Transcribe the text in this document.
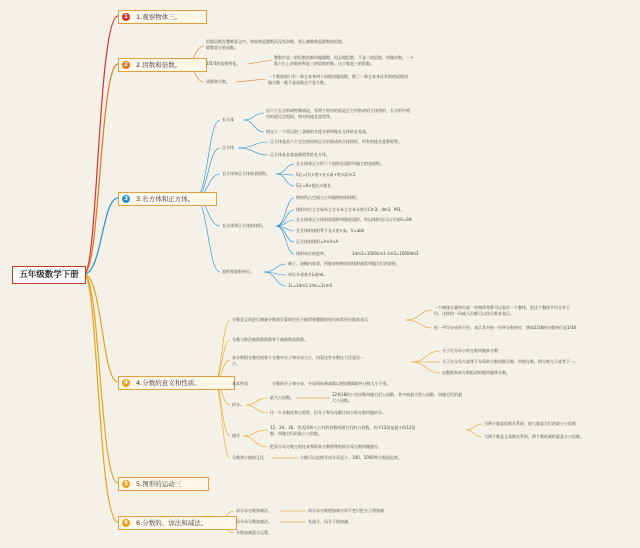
五年级数学下册
1	1.观察物体三。
2	2.因数和倍数。
3	3.长方体和正方体。
4	4.分数的意义和性质。
5	5.图形的运动三
6	6.分数的、加法和减法。
倍数因数在整除意义中，如果商是整数而没有余数，那么被除数是除数的倍数，
除数是它的因数。
2/5/3的倍数特征。
整数中是二的倍数的数叫做偶数，再去做倍数，不是二的倍数，叫做奇数。一个
数个位上的数的和是三的倍数的数，这个数是三的倍数。
质数和合数。
一个数如果只有一和它本身两个因数叫做质数，除了一和它本身还有别的因数叫
做合数一既不是质数也不是合数。
长方体
由六个长方形或特殊情况，有两个相对的面是正方形围成的立体图形，长方形中相
对的面完全相同。相对的棱长度相等。
相交于一个顶点的三条棱的长度分别叫做长方体的长宽高。
正方体
正方体是由六个完全相同的正方形围成的立体图形，所有的棱长度都相等。
正方体是长宽高都相等的长方体。
长方体和正方体的表面积。
长方体或正方形六个面的总面积叫做它的表面积。
S长=(长×宽+长×高+宽×高)×2
S正=6×棱长×棱长
长方体和正方体的体积。
物体所占空间大小叫做物体的体积。
体积单位立方厘米立方分米立方米分别写Cm3，dm3，M3。
长方体或正方体的底面积叫做底面积，所以体积也可以写成V=SH
长方体的体积等于长×宽×高。V=abh
正方体的体积=A×A×A
体积单位的进率。	1dm3=1000cm3 1m3=1000dm3
容积和容积单位。
箱子、油桶内体等，所能容纳物体的体积通常叫做它们的容积。
单位升或毫升L或mL
1L=1dm3 1mL=1cm3
分数意义再进行测量分数或计算时往往不能得到整数结果这时常用分数来表示
一个物体计量单位或一些物体等都可以看作一个整体，把这个整体平均分若干
份，这样的一份或几份都可以用分数来表示。
把一平均分成若干份，表示其中的一份叫分数单位，例如2/18的分数单位是1/18
分数与除法被除数除数等于被除数或除数。
真分数假分数比较每个分数中分子和分母大小，再看这些分数比大还是比一
小。
分子比分母小的分数叫做真分数
分子比分母大或等于分母的分数叫假分数，叫假分数，假分数大于或等于一。
由整数和真分数组成的数叫做带分数。
基本性质	分数的分子和分母，分母同时乘或除以相同数0除外分数大小不变。
约分。
最大公因数。
12和18的公有因数叫做它们公因数，其中较最大的公因数，叫做它们的最
大公因数。
比一个分数化和它相等，但分子和分母都比较小的分数叫做约分。
通分
12、24、36，等式四和八公有的倍数叫做它们的公倍数，其中12就是最小的12倍
数，叫做它们的最小公倍数。
当两个数是倍数关系时，较大数是它们的最小公倍数
当两个数是互质数关系时，两个数的乘积就是小公倍数。
把异分母分数分别化成和原来分数相等的同分母分数叫做通分。
分数和小数的互化	小数可以直接写成分母是十、100、1000等分数再化简。
同分母分数加减法。	同分母分数相加减分母不变只把分子相加减
异分母分数加减法。	先通分，再分子相加减。
分数加减混合运算。
